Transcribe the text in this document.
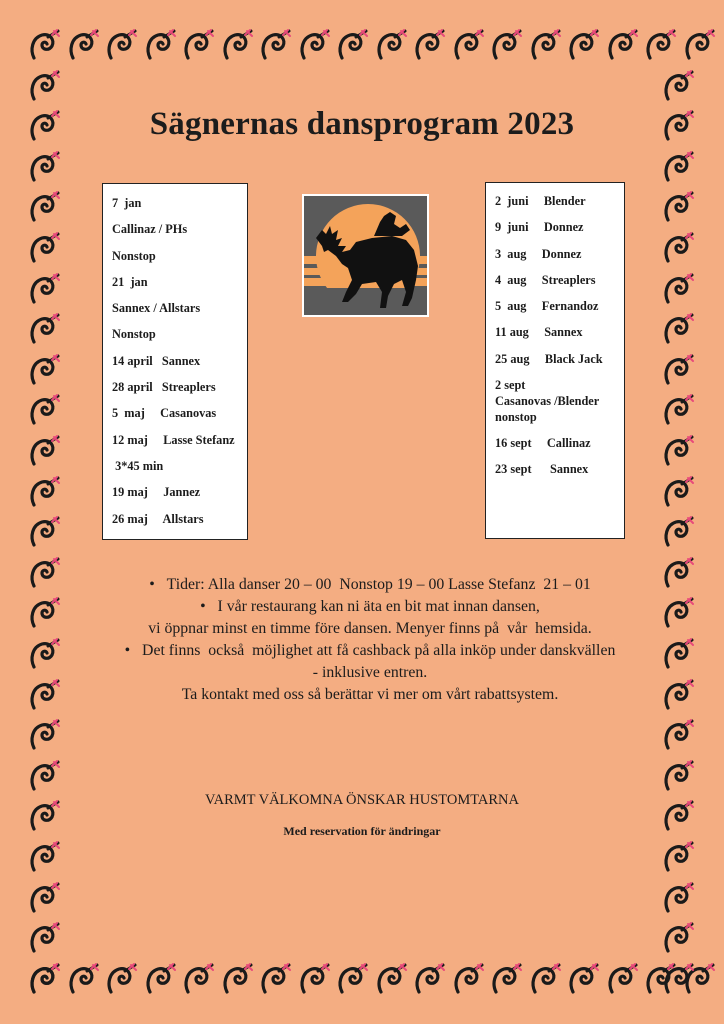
Sägnernas dansprogram 2023
7  jan
Callinaz / PHs
Nonstop
21  jan
Sannex / Allstars
Nonstop
14 april   Sannex
28 april   Streaplers
5  maj     Casanovas
12 maj     Lasse Stefanz
3*45 min
19 maj     Jannez
26 maj     Allstars
2  juni     Blender
9  juni     Donnez
3  aug     Donnez
4  aug     Streaplers
5  aug     Fernandoz
11 aug     Sannex
25 aug     Black Jack
2 sept
Casanovas /Blender
nonstop
16 sept     Callinaz
23 sept      Sannex

•   Tider: Alla danser 20 – 00  Nonstop 19 – 00 Lasse Stefanz  21 – 01

•   I vår restaurang kan ni äta en bit mat innan dansen,

vi öppnar minst en timme före dansen. Menyer finns på  vår  hemsida.

•   Det finns  också  möjlighet att få cashback på alla inköp under danskvällen

- inklusive entren.

Ta kontakt med oss så berättar vi mer om vårt rabattsystem.

VARMT VÄLKOMNA ÖNSKAR HUSTOMTARNA
Med reservation för ändringar
